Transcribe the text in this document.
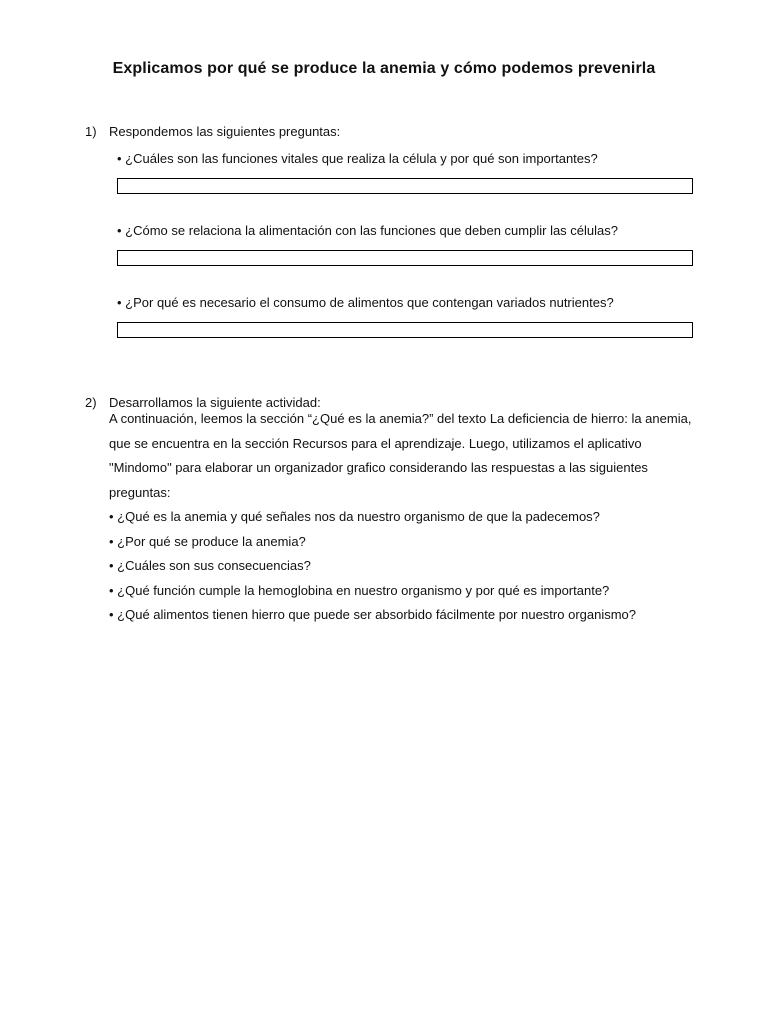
Explicamos por qué se produce la anemia y cómo podemos prevenirla
1) Respondemos las siguientes preguntas:
• ¿Cuáles son las funciones vitales que realiza la célula y por qué son importantes?
• ¿Cómo se relaciona la alimentación con las funciones que deben cumplir las células?
• ¿Por qué es necesario el consumo de alimentos que contengan variados nutrientes?
2) Desarrollamos la siguiente actividad:
A continuación, leemos la sección “¿Qué es la anemia?” del texto La deficiencia de hierro: la anemia,
que se encuentra en la sección Recursos para el aprendizaje. Luego, utilizamos el aplicativo
"Mindomo" para elaborar un organizador grafico considerando las respuestas a las siguientes
preguntas:
• ¿Qué es la anemia y qué señales nos da nuestro organismo de que la padecemos?
• ¿Por qué se produce la anemia?
• ¿Cuáles son sus consecuencias?
• ¿Qué función cumple la hemoglobina en nuestro organismo y por qué es importante?
• ¿Qué alimentos tienen hierro que puede ser absorbido fácilmente por nuestro organismo?
